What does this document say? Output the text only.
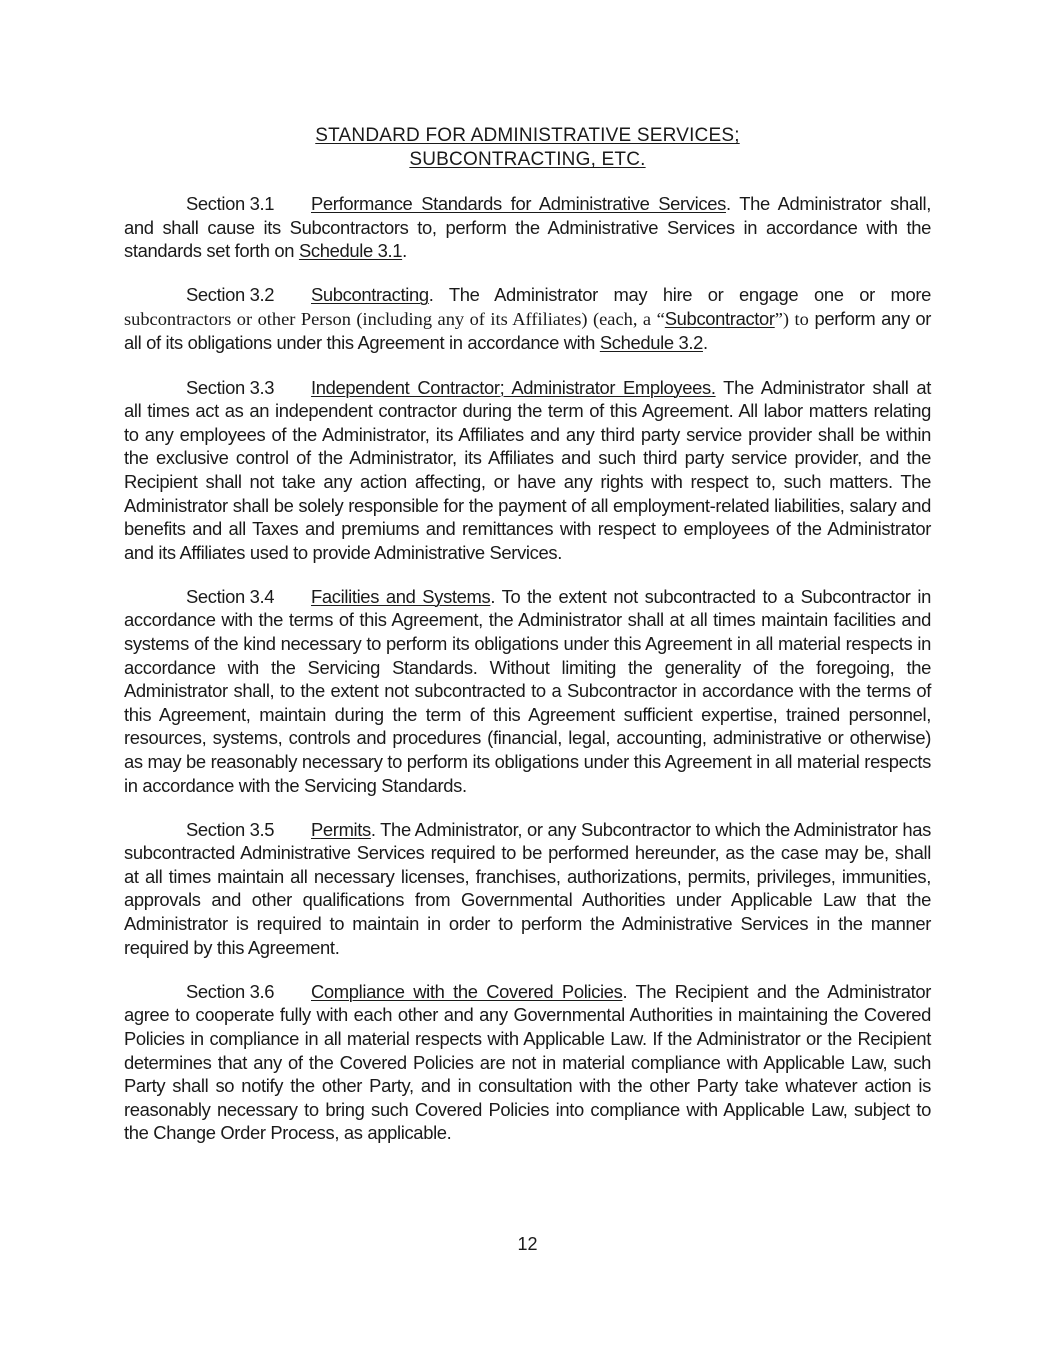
STANDARD FOR ADMINISTRATIVE SERVICES;
SUBCONTRACTING, ETC.

Section 3.1 Performance Standards for Administrative Services. The Administrator shall, and shall cause its Subcontractors to, perform the Administrative Services in accordance with the standards set forth on Schedule 3.1.

Section 3.2 Subcontracting. The Administrator may hire or engage one or more subcontractors or other Person (including any of its Affiliates) (each, a “Subcontractor”) to perform any or all of its obligations under this Agreement in accordance with Schedule 3.2.

Section 3.3 Independent Contractor; Administrator Employees. The Administrator shall at all times act as an independent contractor during the term of this Agreement. All labor matters relating to any employees of the Administrator, its Affiliates and any third party service provider shall be within the exclusive control of the Administrator, its Affiliates and such third party service provider, and the Recipient shall not take any action affecting, or have any rights with respect to, such matters. The Administrator shall be solely responsible for the payment of all employment-related liabilities, salary and benefits and all Taxes and premiums and remittances with respect to employees of the Administrator and its Affiliates used to provide Administrative Services.

Section 3.4 Facilities and Systems. To the extent not subcontracted to a Subcontractor in accordance with the terms of this Agreement, the Administrator shall at all times maintain facilities and systems of the kind necessary to perform its obligations under this Agreement in all material respects in accordance with the Servicing Standards. Without limiting the generality of the foregoing, the Administrator shall, to the extent not subcontracted to a Subcontractor in accordance with the terms of this Agreement, maintain during the term of this Agreement sufficient expertise, trained personnel, resources, systems, controls and procedures (financial, legal, accounting, administrative or otherwise) as may be reasonably necessary to perform its obligations under this Agreement in all material respects in accordance with the Servicing Standards.

Section 3.5 Permits. The Administrator, or any Subcontractor to which the Administrator has subcontracted Administrative Services required to be performed hereunder, as the case may be, shall at all times maintain all necessary licenses, franchises, authorizations, permits, privileges, immunities, approvals and other qualifications from Governmental Authorities under Applicable Law that the Administrator is required to maintain in order to perform the Administrative Services in the manner required by this Agreement.

Section 3.6 Compliance with the Covered Policies. The Recipient and the Administrator agree to cooperate fully with each other and any Governmental Authorities in maintaining the Covered Policies in compliance in all material respects with Applicable Law. If the Administrator or the Recipient determines that any of the Covered Policies are not in material compliance with Applicable Law, such Party shall so notify the other Party, and in consultation with the other Party take whatever action is reasonably necessary to bring such Covered Policies into compliance with Applicable Law, subject to the Change Order Process, as applicable.

12
